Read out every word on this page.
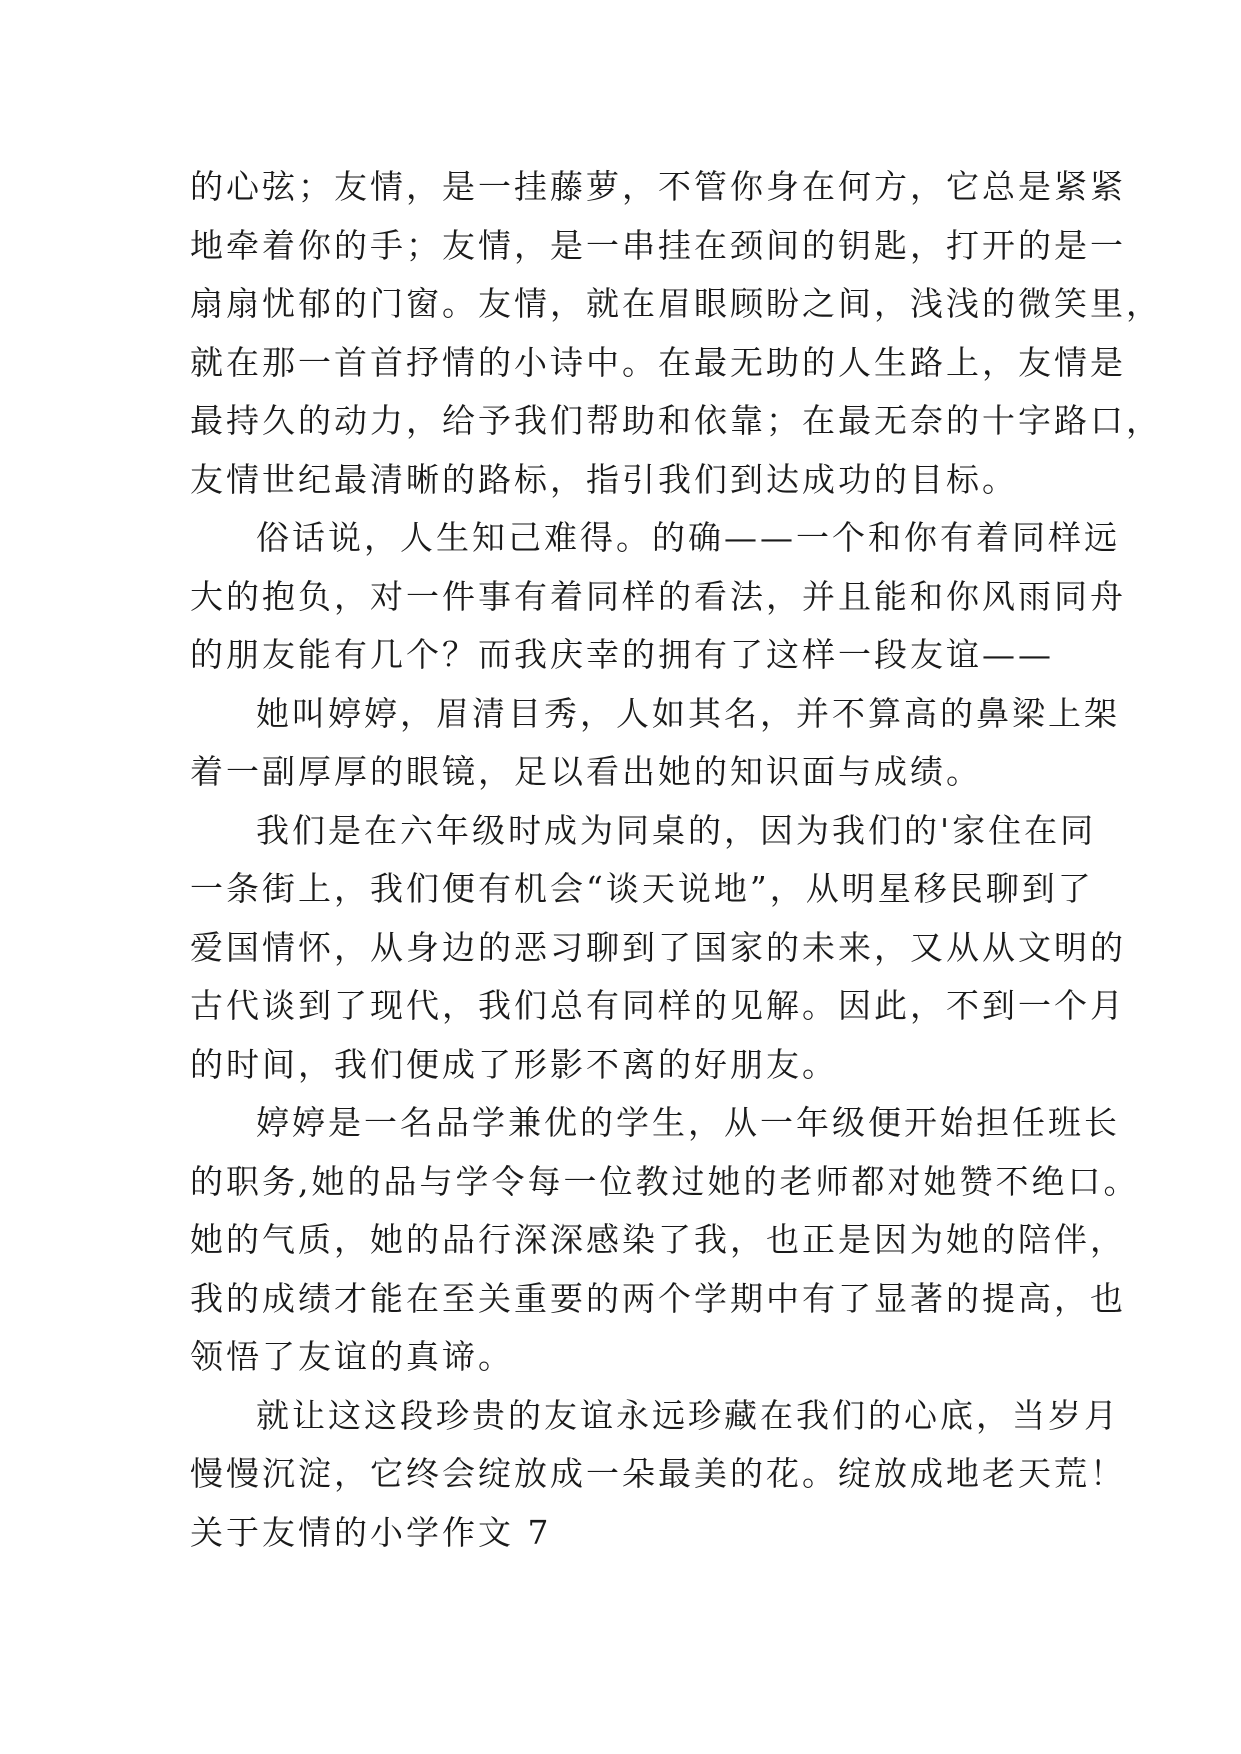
的心弦；友情，是一挂藤萝，不管你身在何方，它总是紧紧
地牵着你的手；友情，是一串挂在颈间的钥匙，打开的是一
扇扇忧郁的门窗。友情，就在眉眼顾盼之间，浅浅的微笑里，
就在那一首首抒情的小诗中。在最无助的人生路上，友情是
最持久的动力，给予我们帮助和依靠；在最无奈的十字路口，
友情世纪最清晰的路标，指引我们到达成功的目标。
俗话说，人生知己难得。的确——一个和你有着同样远
大的抱负，对一件事有着同样的看法，并且能和你风雨同舟
的朋友能有几个？而我庆幸的拥有了这样一段友谊——
她叫婷婷，眉清目秀，人如其名，并不算高的鼻梁上架
着一副厚厚的眼镜，足以看出她的知识面与成绩。
我们是在六年级时成为同桌的，因为我们的'家住在同
一条街上，我们便有机会“谈天说地”，从明星移民聊到了
爱国情怀，从身边的恶习聊到了国家的未来，又从从文明的
古代谈到了现代，我们总有同样的见解。因此，不到一个月
的时间，我们便成了形影不离的好朋友。
婷婷是一名品学兼优的学生，从一年级便开始担任班长
的职务,她的品与学令每一位教过她的老师都对她赞不绝口。
她的气质，她的品行深深感染了我，也正是因为她的陪伴，
我的成绩才能在至关重要的两个学期中有了显著的提高，也
领悟了友谊的真谛。
就让这这段珍贵的友谊永远珍藏在我们的心底，当岁月
慢慢沉淀，它终会绽放成一朵最美的花。绽放成地老天荒！
关于友情的小学作文 7
